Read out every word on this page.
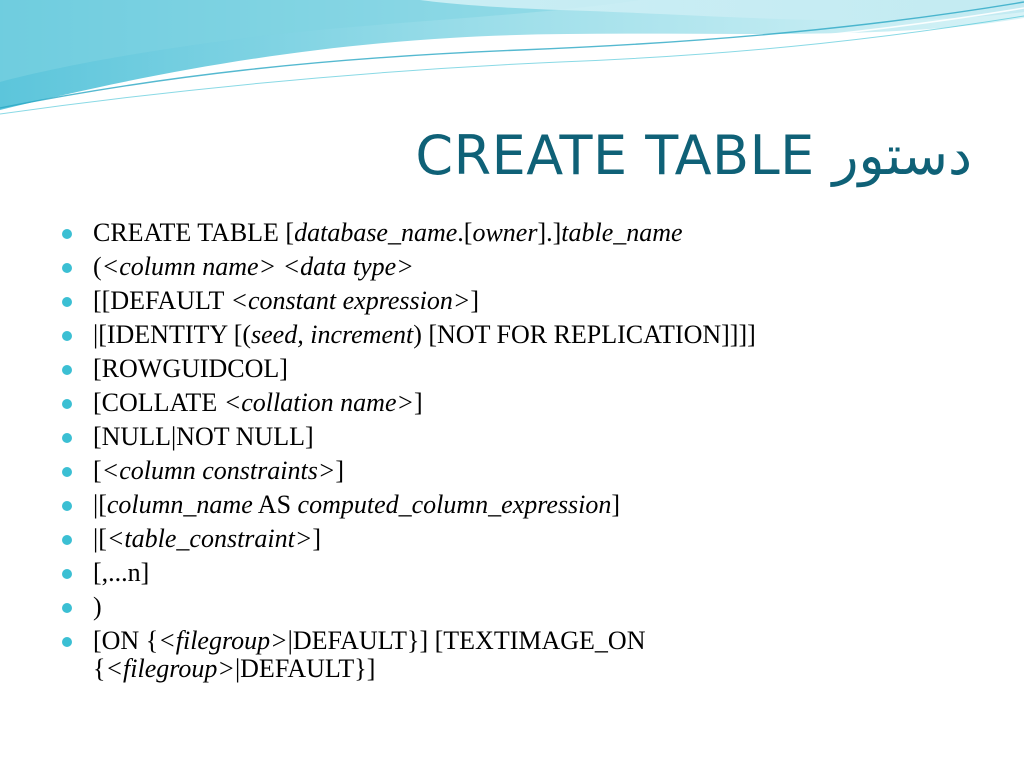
CREATE TABLE دستور
CREATE TABLE [database_name.[owner].]table_name
(<column name> <data type>
[[DEFAULT <constant expression>]
|[IDENTITY [(seed, increment) [NOT FOR REPLICATION]]]]
[ROWGUIDCOL]
[COLLATE <collation name>]
[NULL|NOT NULL]
[<column constraints>]
|[column_name AS computed_column_expression]
|[<table_constraint>]
[,...n]
)
[ON {<filegroup>|DEFAULT}] [TEXTIMAGE_ON {<filegroup>|DEFAULT}]
